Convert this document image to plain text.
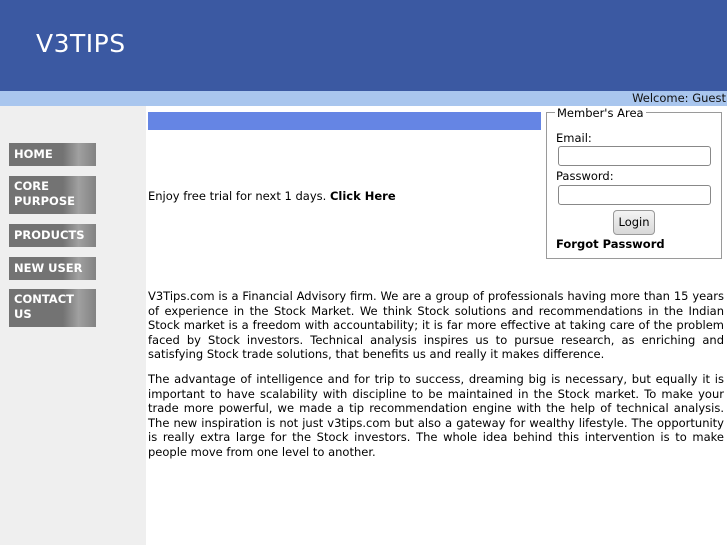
V3TIPS
Welcome: Guest
HOME
CORE PURPOSE
PRODUCTS
NEW USER
CONTACT US
Enjoy free trial for next 1 days. Click Here
Member's Area
Email:
Password:
Login
Forgot Password

V3Tips.com is a Financial Advisory firm. We are a group of professionals having more than 15 years of experience in the Stock Market. We think Stock solutions and recommendations in the Indian Stock market is a freedom with accountability; it is far more effective at taking care of the problem faced by Stock investors. Technical analysis inspires us to pursue research, as enriching and satisfying Stock trade solutions, that benefits us and really it makes difference.

The advantage of intelligence and for trip to success, dreaming big is necessary, but equally it is important to have scalability with discipline to be maintained in the Stock market. To make your trade more powerful, we made a tip recommendation engine with the help of technical analysis. The new inspiration is not just v3tips.com but also a gateway for wealthy lifestyle. The opportunity is really extra large for the Stock investors. The whole idea behind this intervention is to make people move from one level to another.
